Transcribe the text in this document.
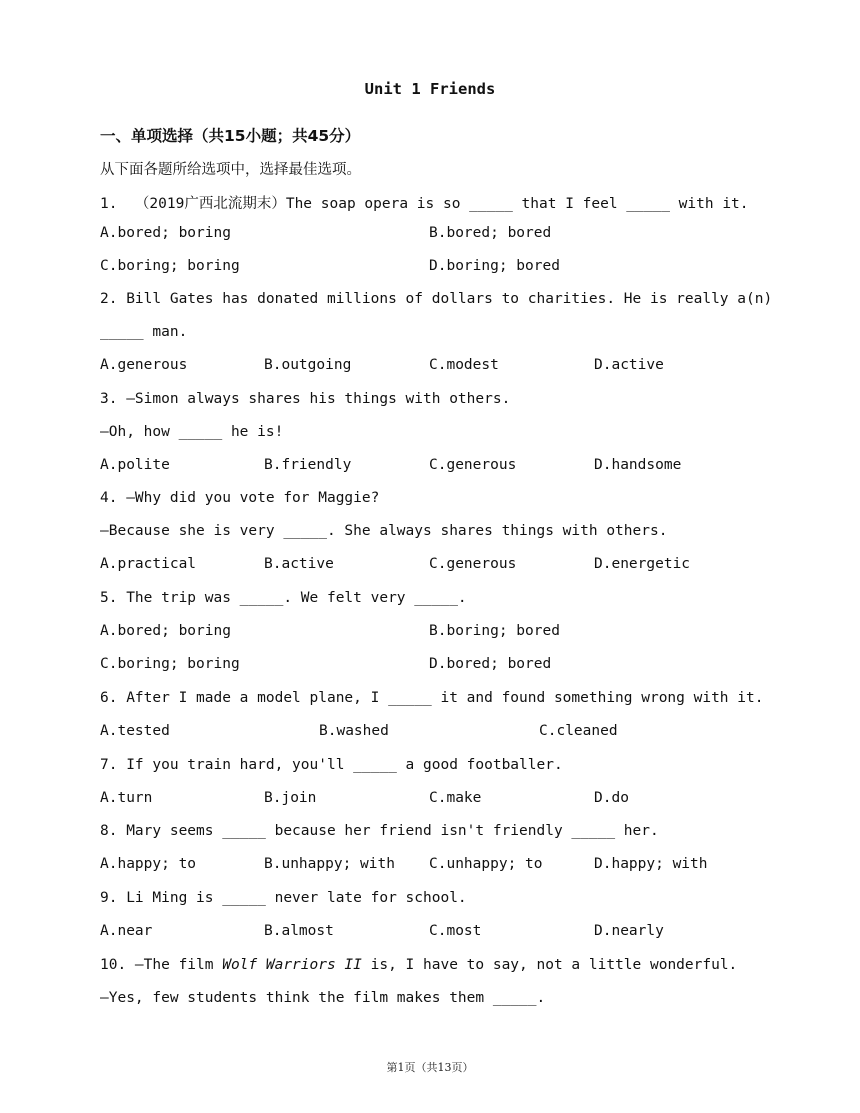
Unit 1 Friends
一、单项选择（共15小题；共45分）
从下面各题所给选项中，选择最佳选项。
1.  （2019广西北流期末）The soap opera is so _____ that I feel _____ with it.
A.bored; boring	B.bored; bored
C.boring; boring	D.boring; bored
2. Bill Gates has donated millions of dollars to charities. He is really a(n)
_____ man.
A.generous	B.outgoing	C.modest	D.active
3. —Simon always shares his things with others.
—Oh, how _____ he is!
A.polite	B.friendly	C.generous	D.handsome
4. —Why did you vote for Maggie?
—Because she is very _____. She always shares things with others.
A.practical	B.active	C.generous	D.energetic
5. The trip was _____. We felt very _____.
A.bored; boring	B.boring; bored
C.boring; boring	D.bored; bored
6. After I made a model plane, I _____ it and found something wrong with it.
A.tested	B.washed	C.cleaned
7. If you train hard, you'll _____ a good footballer.
A.turn	B.join	C.make	D.do
8. Mary seems _____ because her friend isn't friendly _____ her.
A.happy; to	B.unhappy; with C.unhappy; to	D.happy; with
9. Li Ming is _____ never late for school.
A.near	B.almost	C.most	D.nearly
10. —The film Wolf Warriors II is, I have to say, not a little wonderful.
—Yes, few students think the film makes them _____.
第1页（共13页）
